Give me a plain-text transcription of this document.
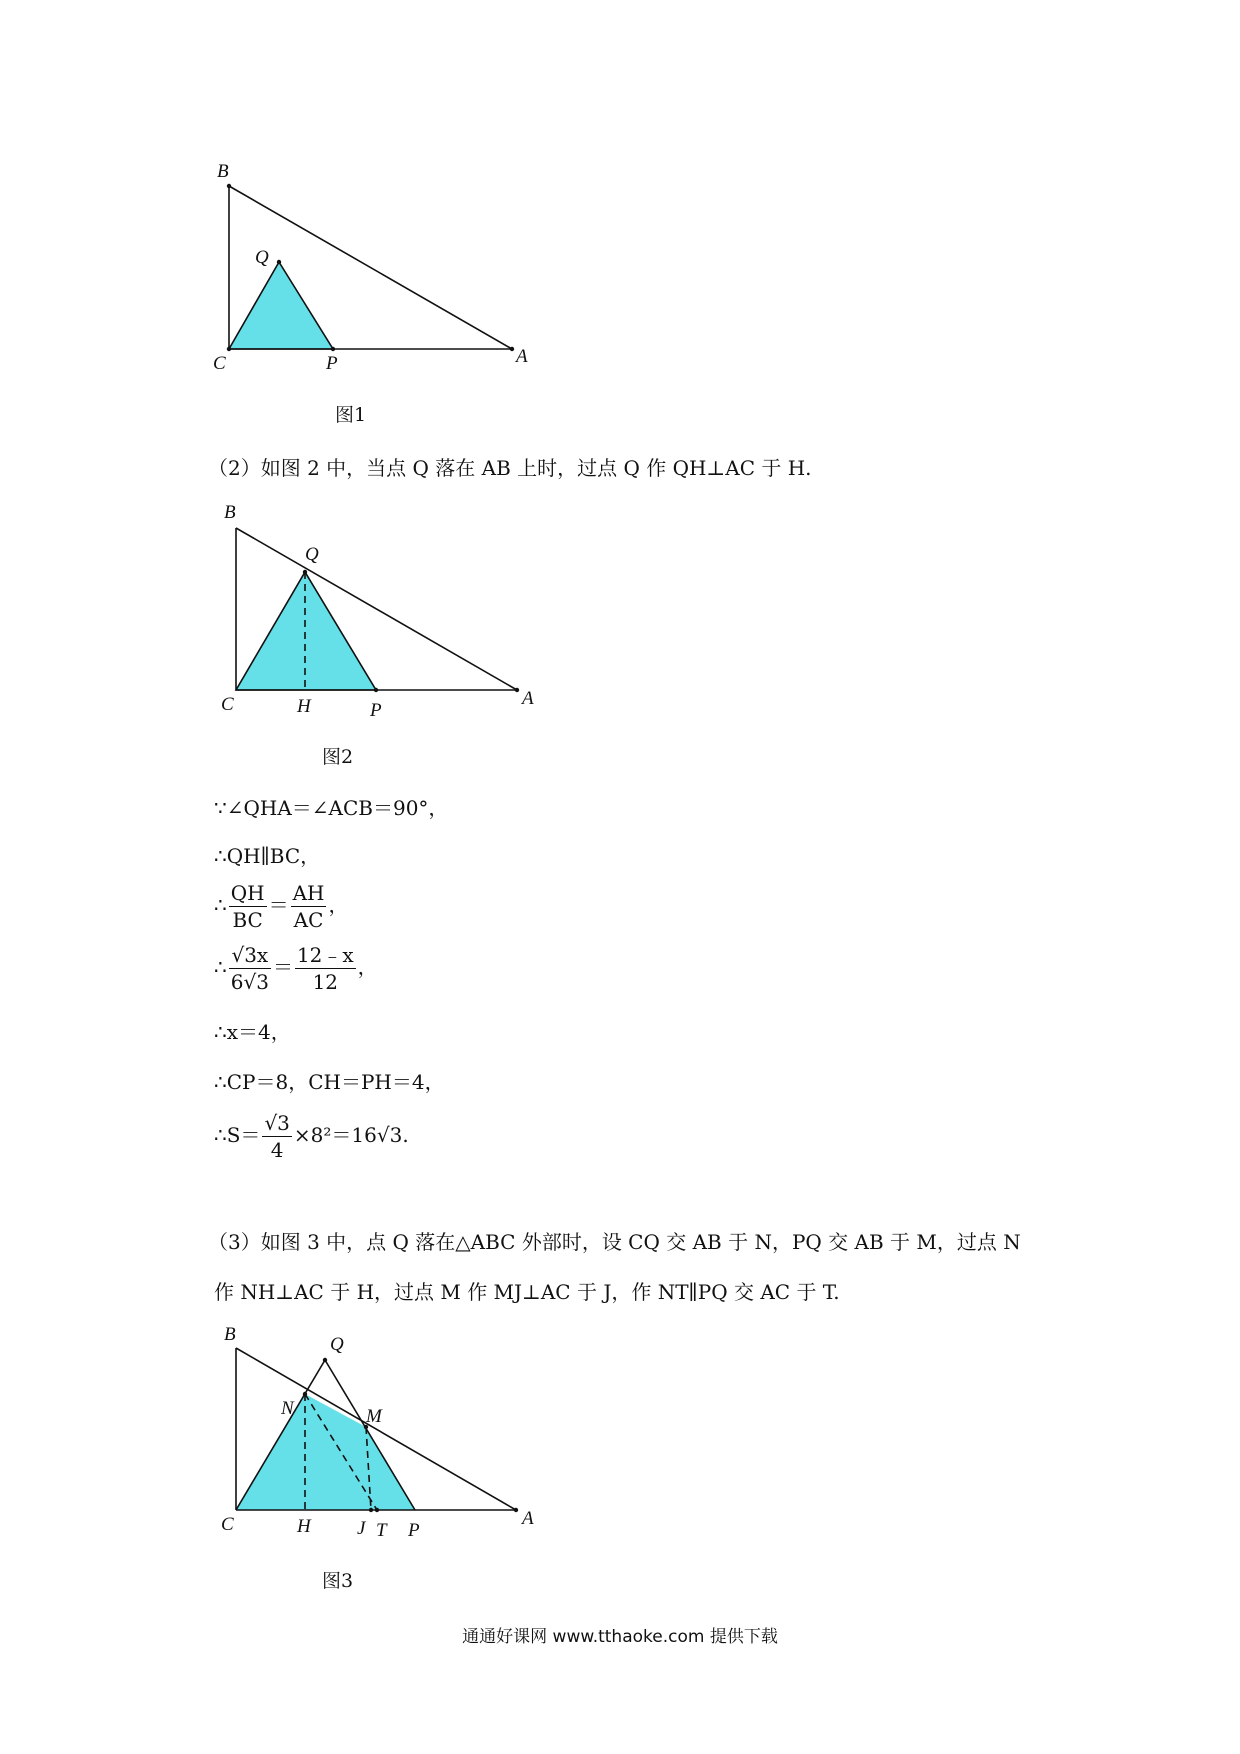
B
Q
C	P	A
图1
（2）如图 2 中，当点 Q 落在 AB 上时，过点 Q 作 QH⊥AC 于 H.
B
Q
C	H	P
A
图2
∵∠QHA＝∠ACB＝90°，
∴QH∥BC，
∴ $\frac{QH}{BC} = \frac{AH}{AC}$ ，
∴ $\frac{√3x}{6√3} = \frac{12﹣x}{12}$ ，
∴x＝4，
∴CP＝8，CH＝PH＝4，
∴S＝ $\frac{√3}{4} \times 8^2=16√3$.
（3）如图 3 中，点 Q 落在△ABC 外部时，设 CQ 交 AB 于 N，PQ 交 AB 于 M，过点 N
作 NH⊥AC 于 H，过点 M 作 MJ⊥AC 于 J，作 NT∥PQ 交 AC 于 T.
B	Q
N	M
C	H J T P
A
图3
通通好课网 www.tthaoke.com 提供下载
